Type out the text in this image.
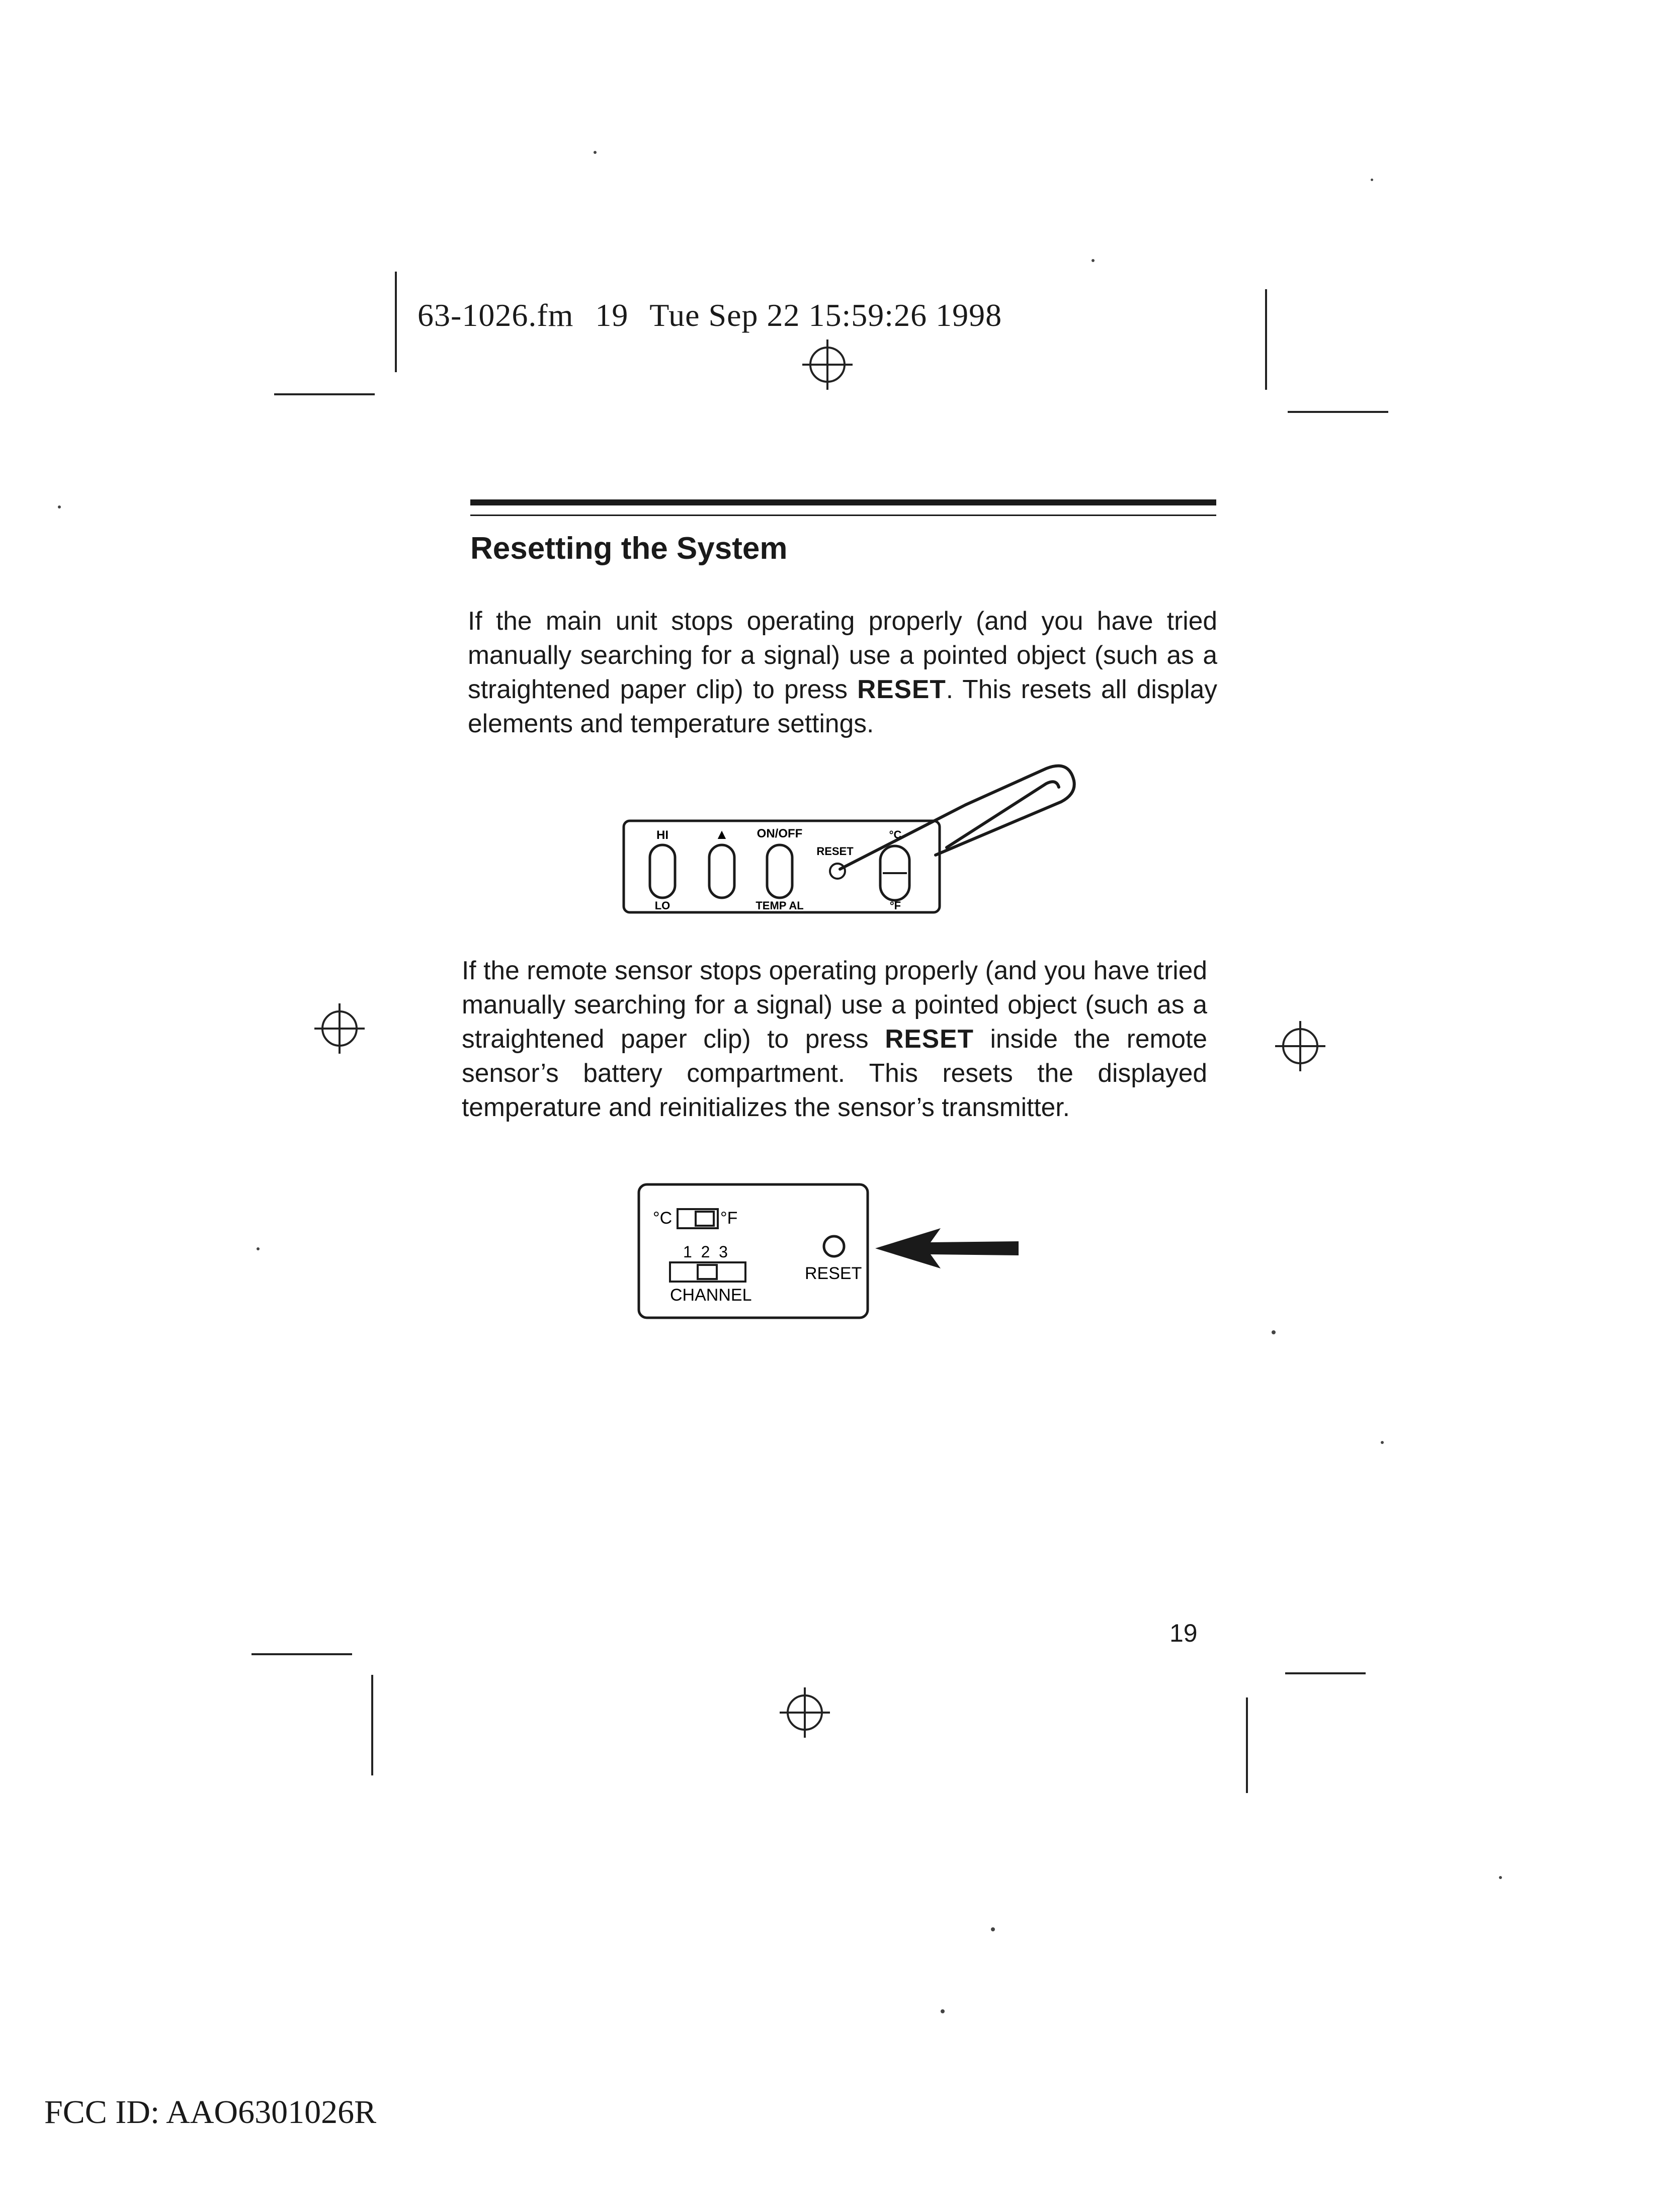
63-1026.fm 19 Tue Sep 22 15:59:26 1998
Resetting the System
If the main unit stops operating properly (and you have tried manually searching for a signal) use a pointed object (such as a straightened paper clip) to press RESET. This resets all display elements and temperature settings.
HI	▲ ON/OFF
RESET
°C
LO	TEMP AL	°F
If the remote sensor stops operating properly (and you have tried manually searching for a signal) use a pointed object (such as a straightened paper clip) to press RESET inside the remote sensor’s battery compartment. This resets the displayed temperature and reinitializes the sensor’s transmitter.
°C	°F
1  2  3
CHANNEL
RESET
19
FCC ID: AAO6301026R
